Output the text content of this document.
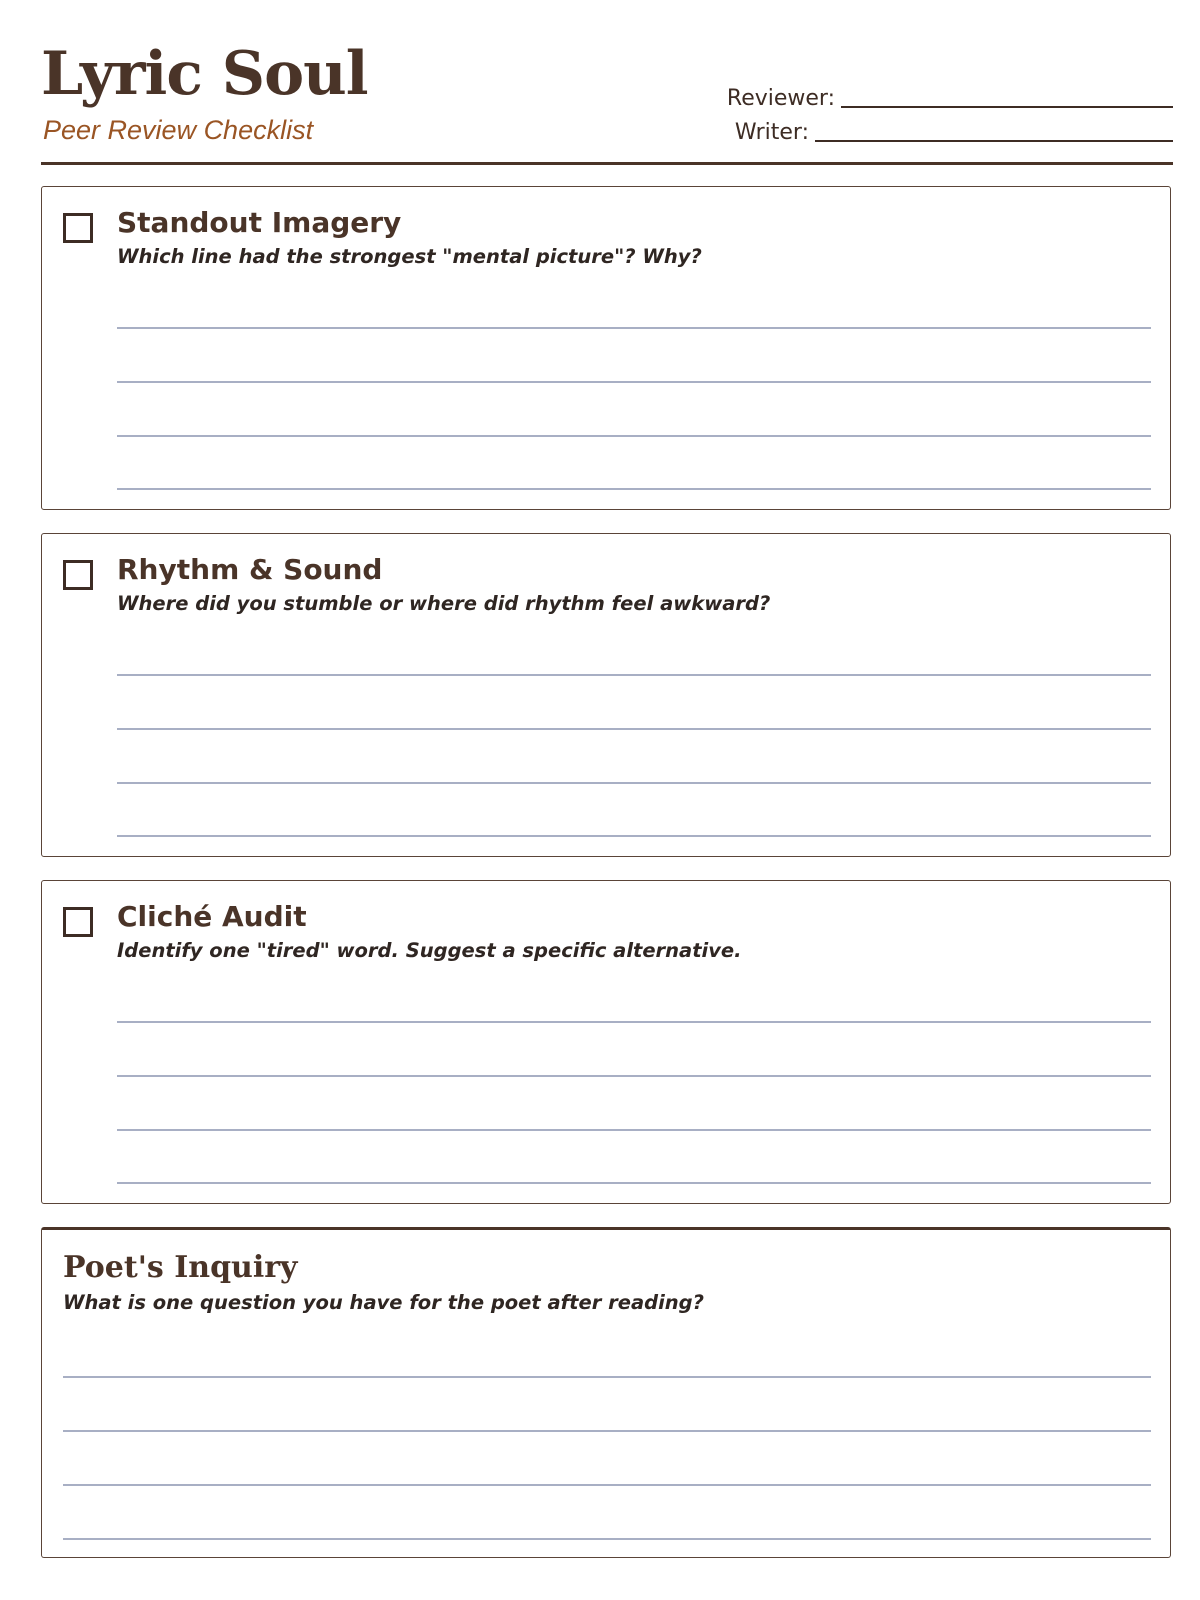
Lyric Soul
Peer Review Checklist
Reviewer:
Writer:
Standout Imagery
Which line had the strongest "mental picture"? Why?
Rhythm & Sound
Where did you stumble or where did rhythm feel awkward?
Cliché Audit
Identify one "tired" word. Suggest a specific alternative.
Poet's Inquiry
What is one question you have for the poet after reading?
